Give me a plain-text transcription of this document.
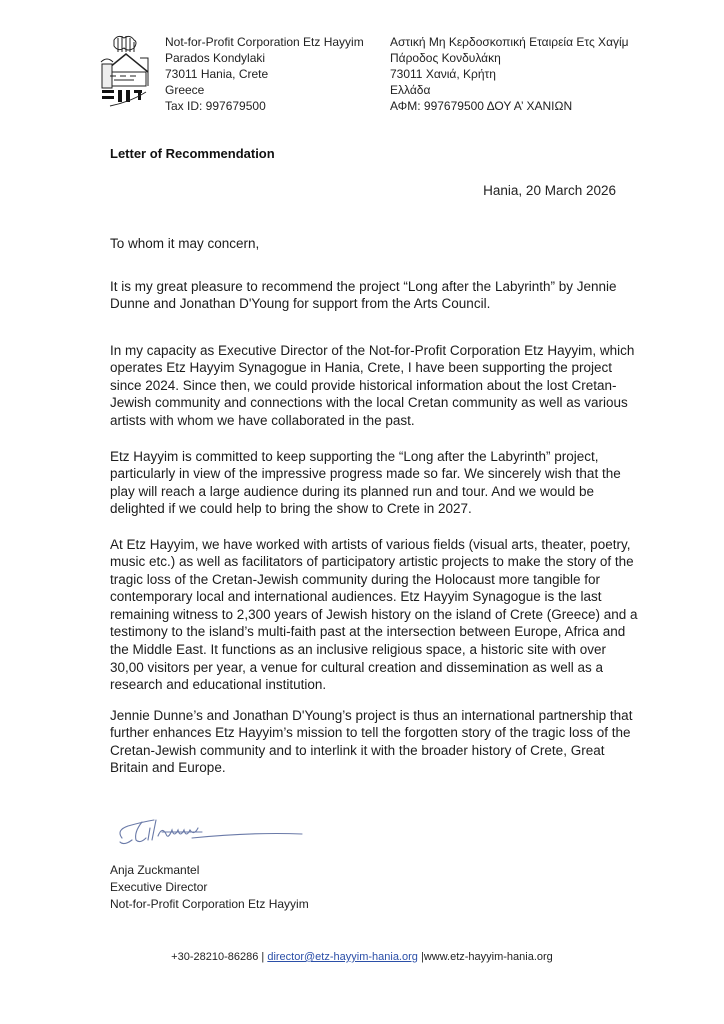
Not-for-Profit Corporation Etz Hayyim
Parados Kondylaki
73011 Hania, Crete
Greece
Tax ID: 997679500
Αστική Μη Κερδοσκοπική Εταιρεία Ετς Χαγίμ
Πάροδος Κονδυλάκη
73011 Χανιά, Κρήτη
Ελλάδα
ΑΦΜ: 997679500 ΔΟΥ Α’ ΧΑΝΙΩΝ
Letter of Recommendation
Hania, 20 March 2026
To whom it may concern,

It is my great pleasure to recommend the project “Long after the Labyrinth” by Jennie Dunne and Jonathan D'Young for support from the Arts Council.

In my capacity as Executive Director of the Not-for-Profit Corporation Etz Hayyim, which operates Etz Hayyim Synagogue in Hania, Crete, I have been supporting the project since 2024. Since then, we could provide historical information about the lost Cretan-Jewish community and connections with the local Cretan community as well as various artists with whom we have collaborated in the past.

Etz Hayyim is committed to keep supporting the “Long after the Labyrinth” project, particularly in view of the impressive progress made so far. We sincerely wish that the play will reach a large audience during its planned run and tour. And we would be delighted if we could help to bring the show to Crete in 2027.

At Etz Hayyim, we have worked with artists of various fields (visual arts, theater, poetry, music etc.) as well as facilitators of participatory artistic projects to make the story of the tragic loss of the Cretan-Jewish community during the Holocaust more tangible for contemporary local and international audiences. Etz Hayyim Synagogue is the last remaining witness to 2,300 years of Jewish history on the island of Crete (Greece) and a testimony to the island’s multi-faith past at the intersection between Europe, Africa and the Middle East. It functions as an inclusive religious space, a historic site with over 30,00 visitors per year, a venue for cultural creation and dissemination as well as a research and educational institution.

Jennie Dunne’s and Jonathan D'Young’s project is thus an international partnership that further enhances Etz Hayyim’s mission to tell the forgotten story of the tragic loss of the Cretan-Jewish community and to interlink it with the broader history of Crete, Great Britain and Europe.

Anja Zuckmantel
Executive Director
Not-for-Profit Corporation Etz Hayyim
+30-28210-86286 | director@etz-hayyim-hania.org |www.etz-hayyim-hania.org
